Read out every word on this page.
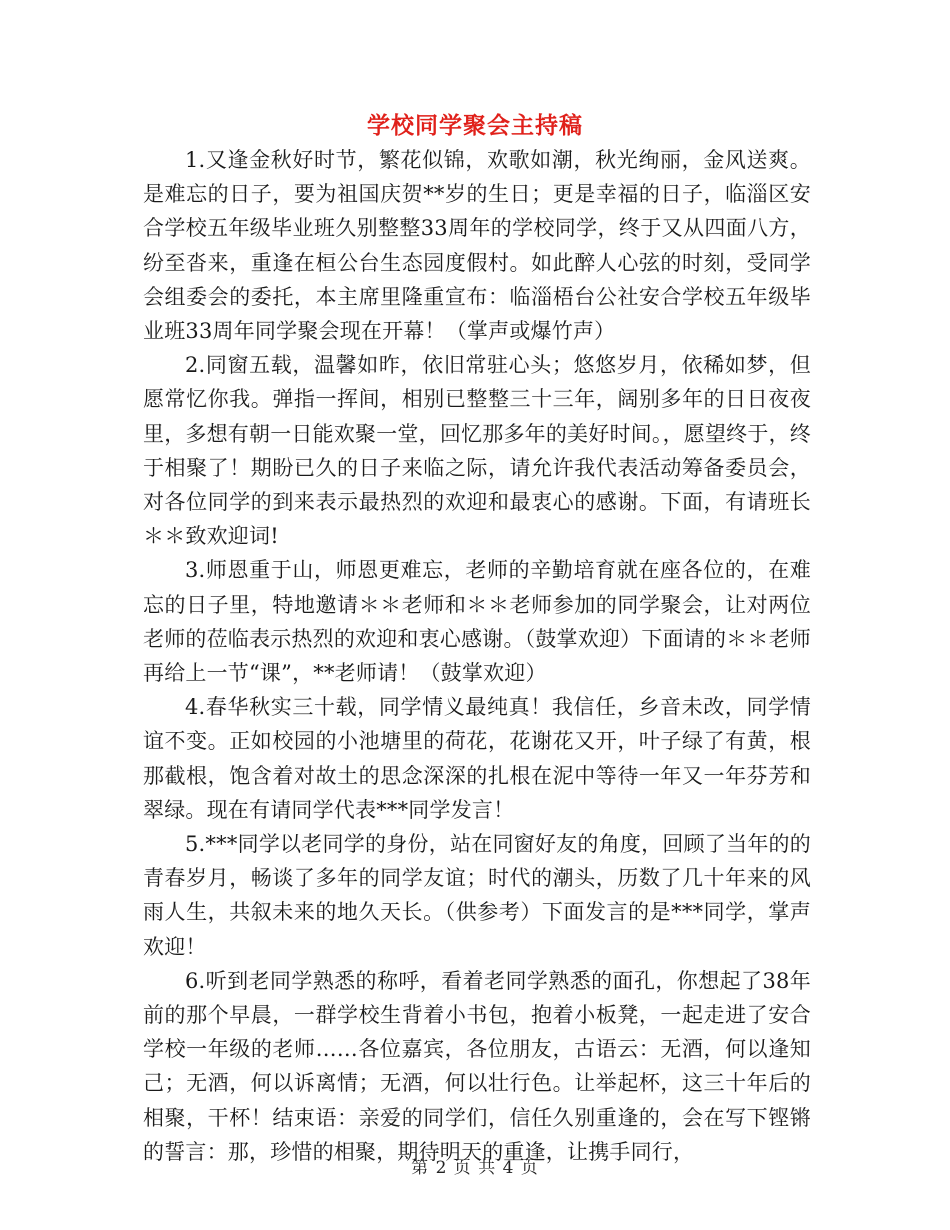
学校同学聚会主持稿

1.又逢金秋好时节，繁花似锦，欢歌如潮，秋光绚丽，金风送爽。是难忘的日子，要为祖国庆贺**岁的生日；更是幸福的日子，临淄区安合学校五年级毕业班久别整整33周年的学校同学，终于又从四面八方，纷至沓来，重逢在桓公台生态园度假村。如此醉人心弦的时刻，受同学会组委会的委托，本主席里隆重宣布：临淄梧台公社安合学校五年级毕业班33周年同学聚会现在开幕！（掌声或爆竹声）

2.同窗五载，温馨如昨，依旧常驻心头；悠悠岁月，依稀如梦，但愿常忆你我。弹指一挥间，相别已整整三十三年，阔别多年的日日夜夜里，多想有朝一日能欢聚一堂，回忆那多年的美好时间。，愿望终于，终于相聚了！期盼已久的日子来临之际，请允许我代表活动筹备委员会，对各位同学的到来表示最热烈的欢迎和最衷心的感谢。下面，有请班长＊＊致欢迎词!

3.师恩重于山，师恩更难忘，老师的辛勤培育就在座各位的，在难忘的日子里，特地邀请＊＊老师和＊＊老师参加的同学聚会，让对两位老师的莅临表示热烈的欢迎和衷心感谢。（鼓掌欢迎）下面请的＊＊老师再给上一节“课”，**老师请！（鼓掌欢迎）

4.春华秋实三十载，同学情义最纯真！我信任，乡音未改，同学情谊不变。正如校园的小池塘里的荷花，花谢花又开，叶子绿了有黄，根那截根，饱含着对故土的思念深深的扎根在泥中等待一年又一年芬芳和翠绿。现在有请同学代表***同学发言！

5.***同学以老同学的身份，站在同窗好友的角度，回顾了当年的的青春岁月，畅谈了多年的同学友谊；时代的潮头，历数了几十年来的风雨人生，共叙未来的地久天长。（供参考）下面发言的是***同学，掌声欢迎！

6.听到老同学熟悉的称呼，看着老同学熟悉的面孔，你想起了38年前的那个早晨，一群学校生背着小书包，抱着小板凳，一起走进了安合学校一年级的老师……各位嘉宾，各位朋友，古语云：无酒，何以逢知己；无酒，何以诉离情；无酒，何以壮行色。让举起杯，这三十年后的相聚，干杯！结束语：亲爱的同学们，信任久别重逢的，会在写下铿锵的誓言：那，珍惜的相聚，期待明天的重逢，让携手同行，

第 2 页 共 4 页
